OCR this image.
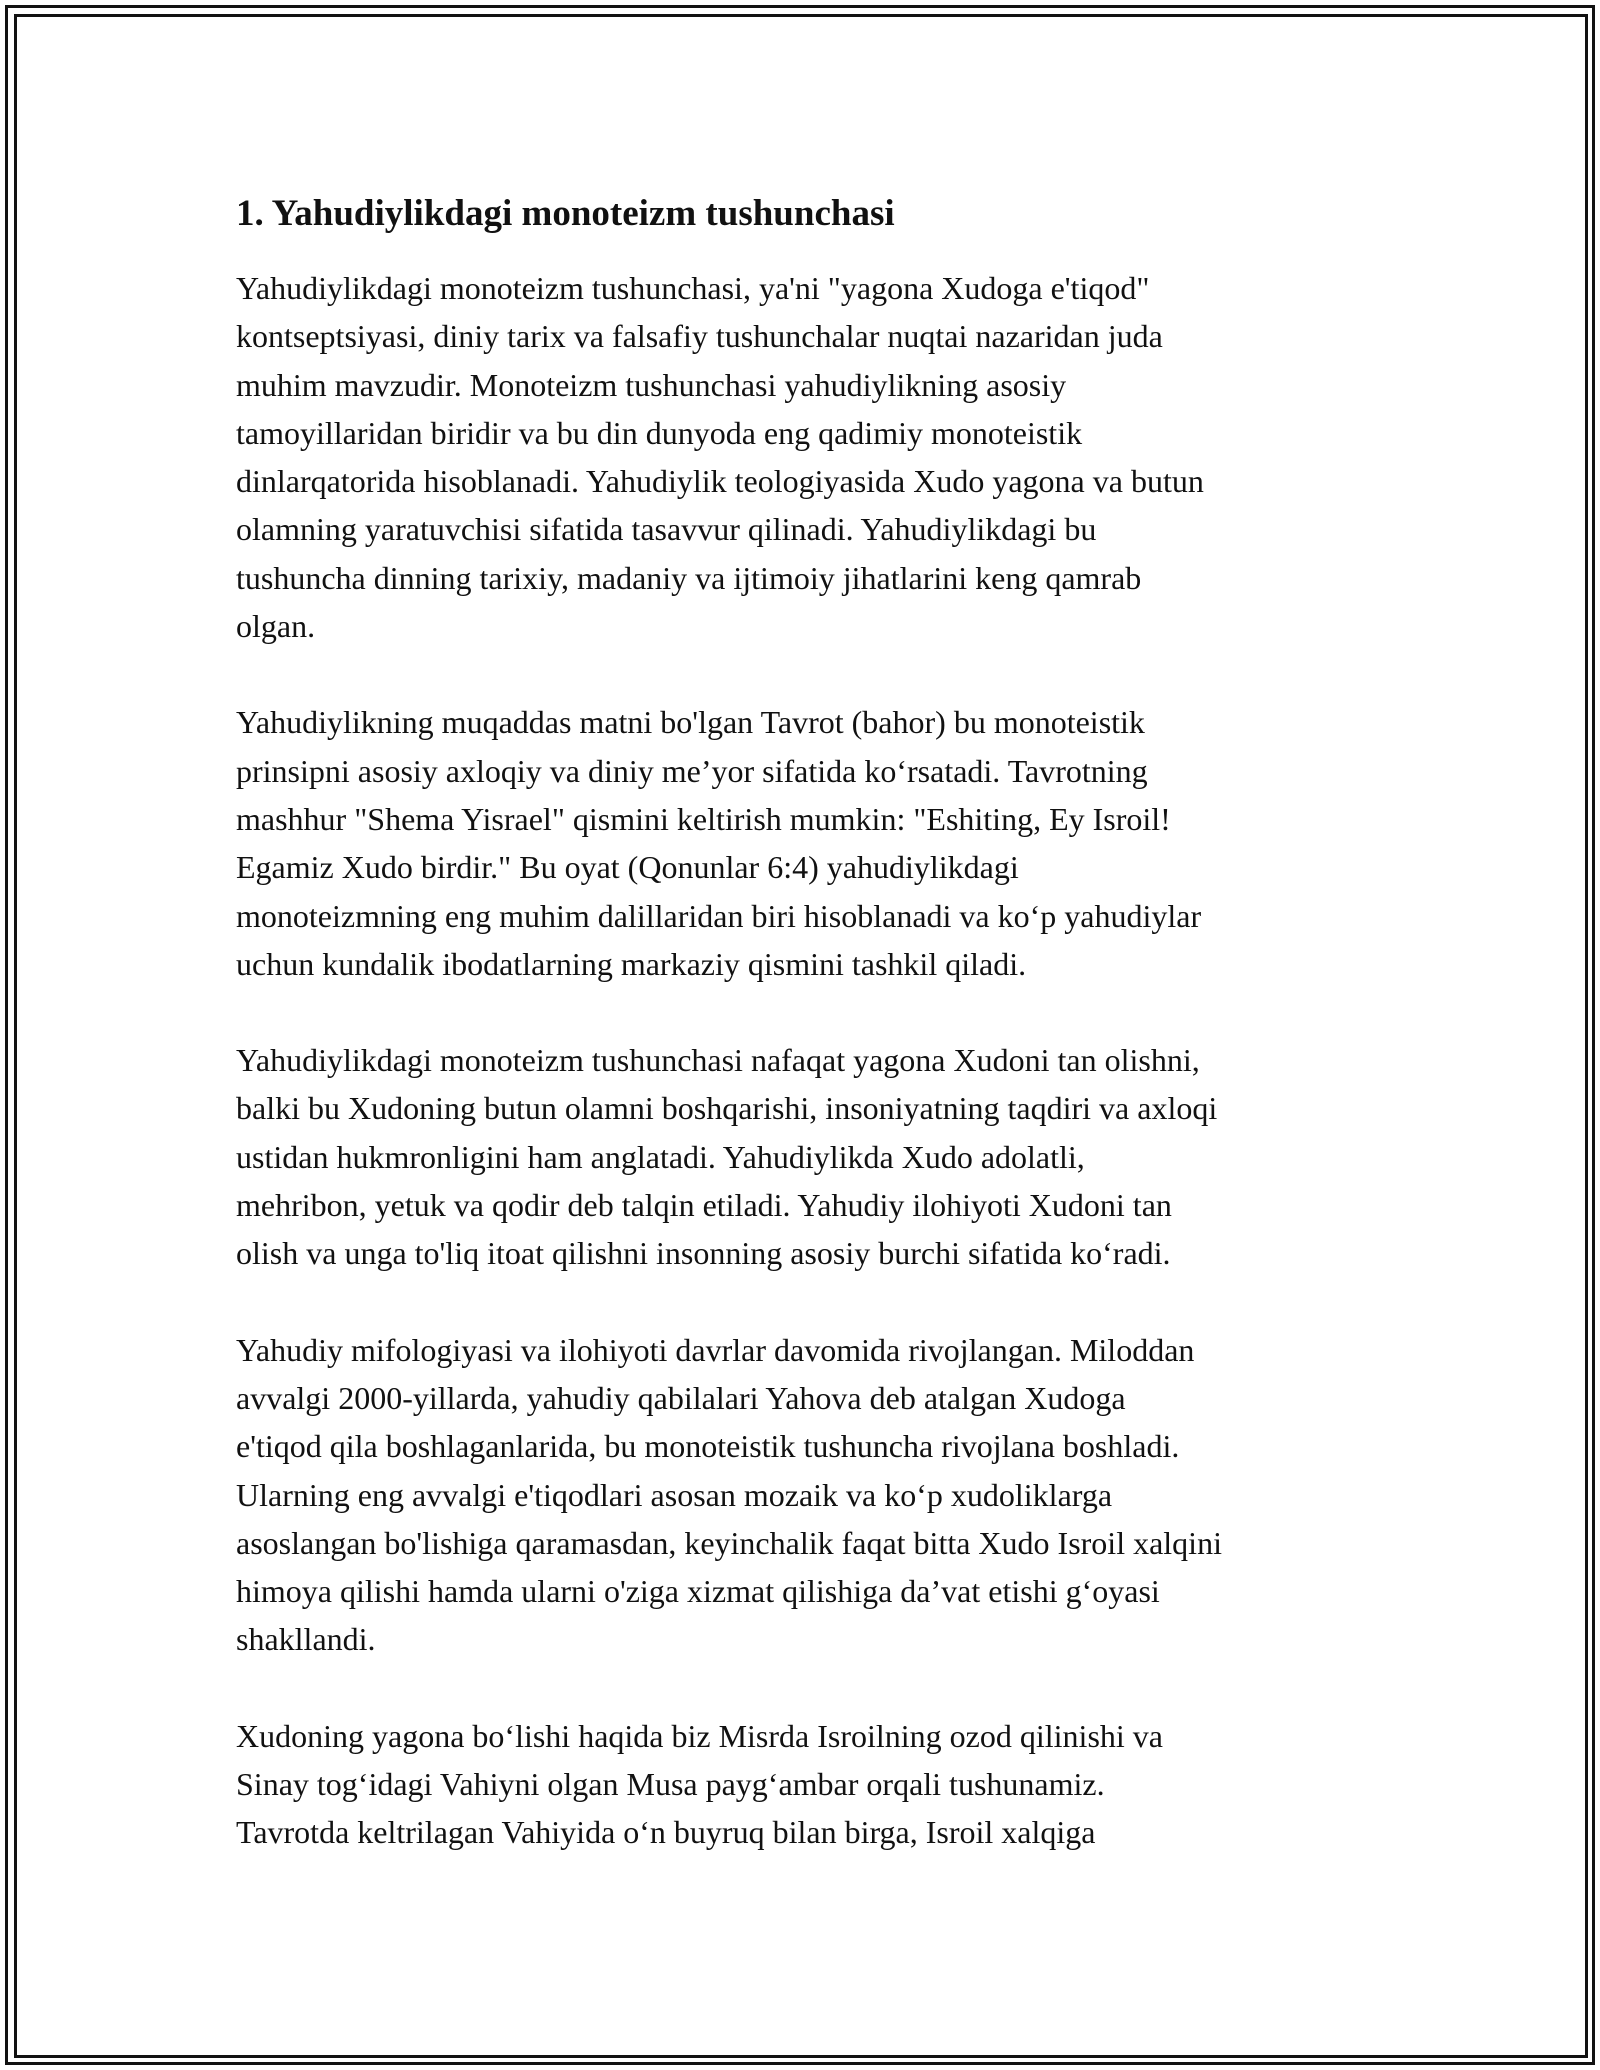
1. Yahudiylikdagi monoteizm tushunchasi

Yahudiylikdagi monoteizm tushunchasi, ya'ni "yagona Xudoga e'tiqod"
kontseptsiyasi, diniy tarix va falsafiy tushunchalar nuqtai nazaridan juda
muhim mavzudir. Monoteizm tushunchasi yahudiylikning asosiy
tamoyillaridan biridir va bu din dunyoda eng qadimiy monoteistik
dinlarqatorida hisoblanadi. Yahudiylik teologiyasida Xudo yagona va butun
olamning yaratuvchisi sifatida tasavvur qilinadi. Yahudiylikdagi bu
tushuncha dinning tarixiy, madaniy va ijtimoiy jihatlarini keng qamrab
olgan.

Yahudiylikning muqaddas matni bo'lgan Tavrot (bahor) bu monoteistik
prinsipni asosiy axloqiy va diniy me’yor sifatida ko‘rsatadi. Tavrotning
mashhur "Shema Yisrael" qismini keltirish mumkin: "Eshiting, Ey Isroil!
Egamiz Xudo birdir." Bu oyat (Qonunlar 6:4) yahudiylikdagi
monoteizmning eng muhim dalillaridan biri hisoblanadi va ko‘p yahudiylar
uchun kundalik ibodatlarning markaziy qismini tashkil qiladi.

Yahudiylikdagi monoteizm tushunchasi nafaqat yagona Xudoni tan olishni,
balki bu Xudoning butun olamni boshqarishi, insoniyatning taqdiri va axloqi
ustidan hukmronligini ham anglatadi. Yahudiylikda Xudo adolatli,
mehribon, yetuk va qodir deb talqin etiladi. Yahudiy ilohiyoti Xudoni tan
olish va unga to'liq itoat qilishni insonning asosiy burchi sifatida ko‘radi.

Yahudiy mifologiyasi va ilohiyoti davrlar davomida rivojlangan. Miloddan
avvalgi 2000-yillarda, yahudiy qabilalari Yahova deb atalgan Xudoga
e'tiqod qila boshlaganlarida, bu monoteistik tushuncha rivojlana boshladi.
Ularning eng avvalgi e'tiqodlari asosan mozaik va ko‘p xudoliklarga
asoslangan bo'lishiga qaramasdan, keyinchalik faqat bitta Xudo Isroil xalqini
himoya qilishi hamda ularni o'ziga xizmat qilishiga da’vat etishi g‘oyasi
shakllandi.

Xudoning yagona bo‘lishi haqida biz Misrda Isroilning ozod qilinishi va
Sinay tog‘idagi Vahiyni olgan Musa payg‘ambar orqali tushunamiz.
Tavrotda keltrilagan Vahiyida o‘n buyruq bilan birga, Isroil xalqiga
